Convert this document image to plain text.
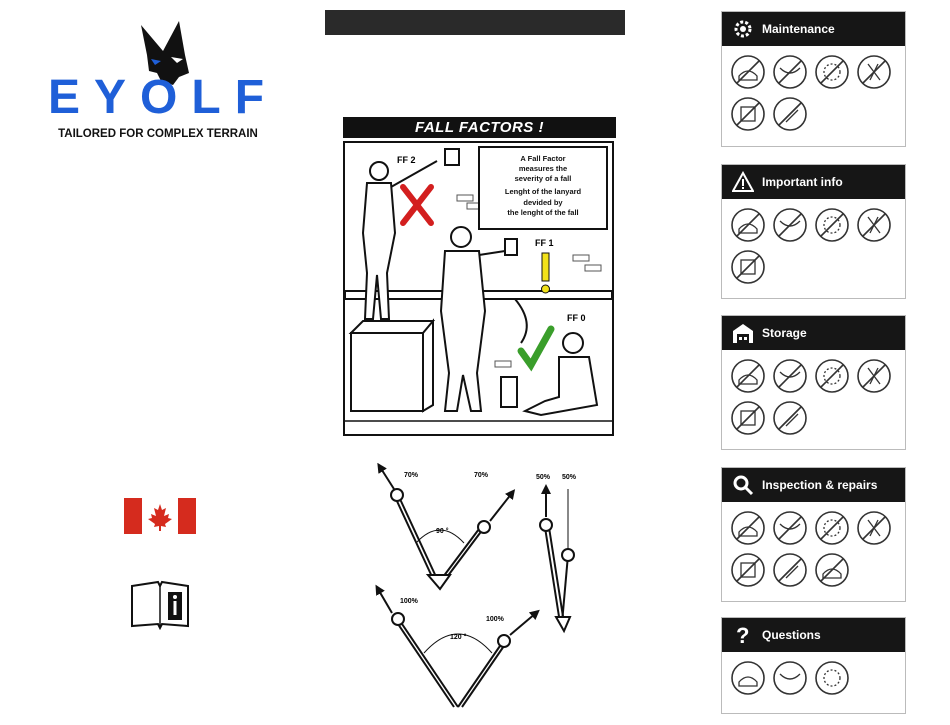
EYOLF
TAILORED FOR COMPLEX TERRAIN	FALL FACTORS !
FF 2
FF 1
FF 0
A Fall Factor
measures the
severity of a fall
Lenght of the lanyard
devided by
the lenght of the fall
70%	70%
90 °
50% 50%
100%
100%
120 °
Maintenance
Important info
Storage
Inspection & repairs
? Questions
